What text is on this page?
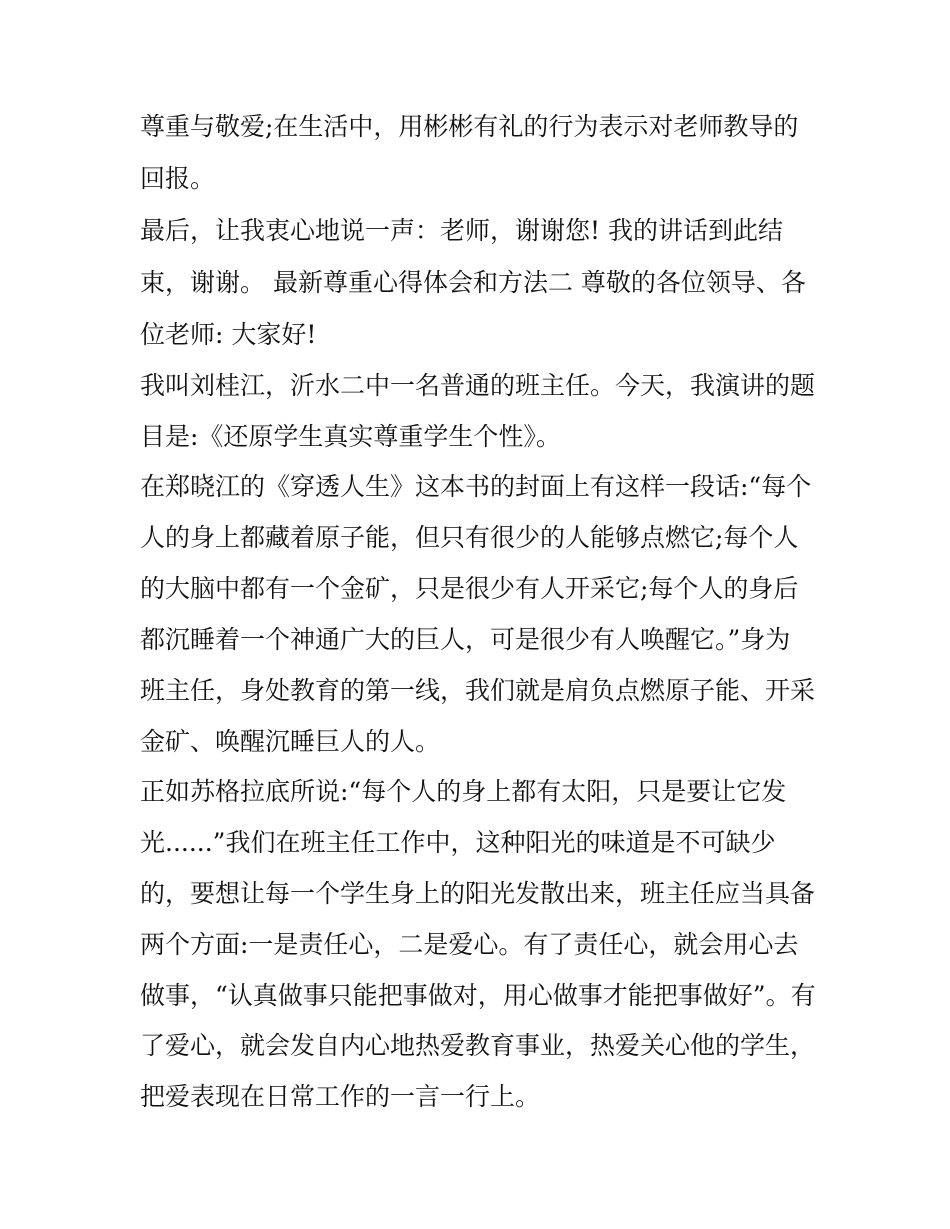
尊重与敬爱;在生活中，用彬彬有礼的行为表示对老师教导的

回报。

最后，让我衷心地说一声：老师，谢谢您! 我的讲话到此结

束，谢谢。 最新尊重心得体会和方法二 尊敬的各位领导、各

位老师: 大家好!

我叫刘桂江，沂水二中一名普通的班主任。今天，我演讲的题

目是:《还原学生真实尊重学生个性》。

在郑晓江的《穿透人生》这本书的封面上有这样一段话:“每个

人的身上都藏着原子能，但只有很少的人能够点燃它;每个人

的大脑中都有一个金矿，只是很少有人开采它;每个人的身后

都沉睡着一个神通广大的巨人，可是很少有人唤醒它。”身为

班主任，身处教育的第一线，我们就是肩负点燃原子能、开采

金矿、唤醒沉睡巨人的人。

正如苏格拉底所说:“每个人的身上都有太阳，只是要让它发

光......”我们在班主任工作中，这种阳光的味道是不可缺少

的，要想让每一个学生身上的阳光发散出来，班主任应当具备

两个方面:一是责任心，二是爱心。有了责任心，就会用心去

做事，“认真做事只能把事做对，用心做事才能把事做好”。有

了爱心，就会发自内心地热爱教育事业，热爱关心他的学生，

把爱表现在日常工作的一言一行上。
